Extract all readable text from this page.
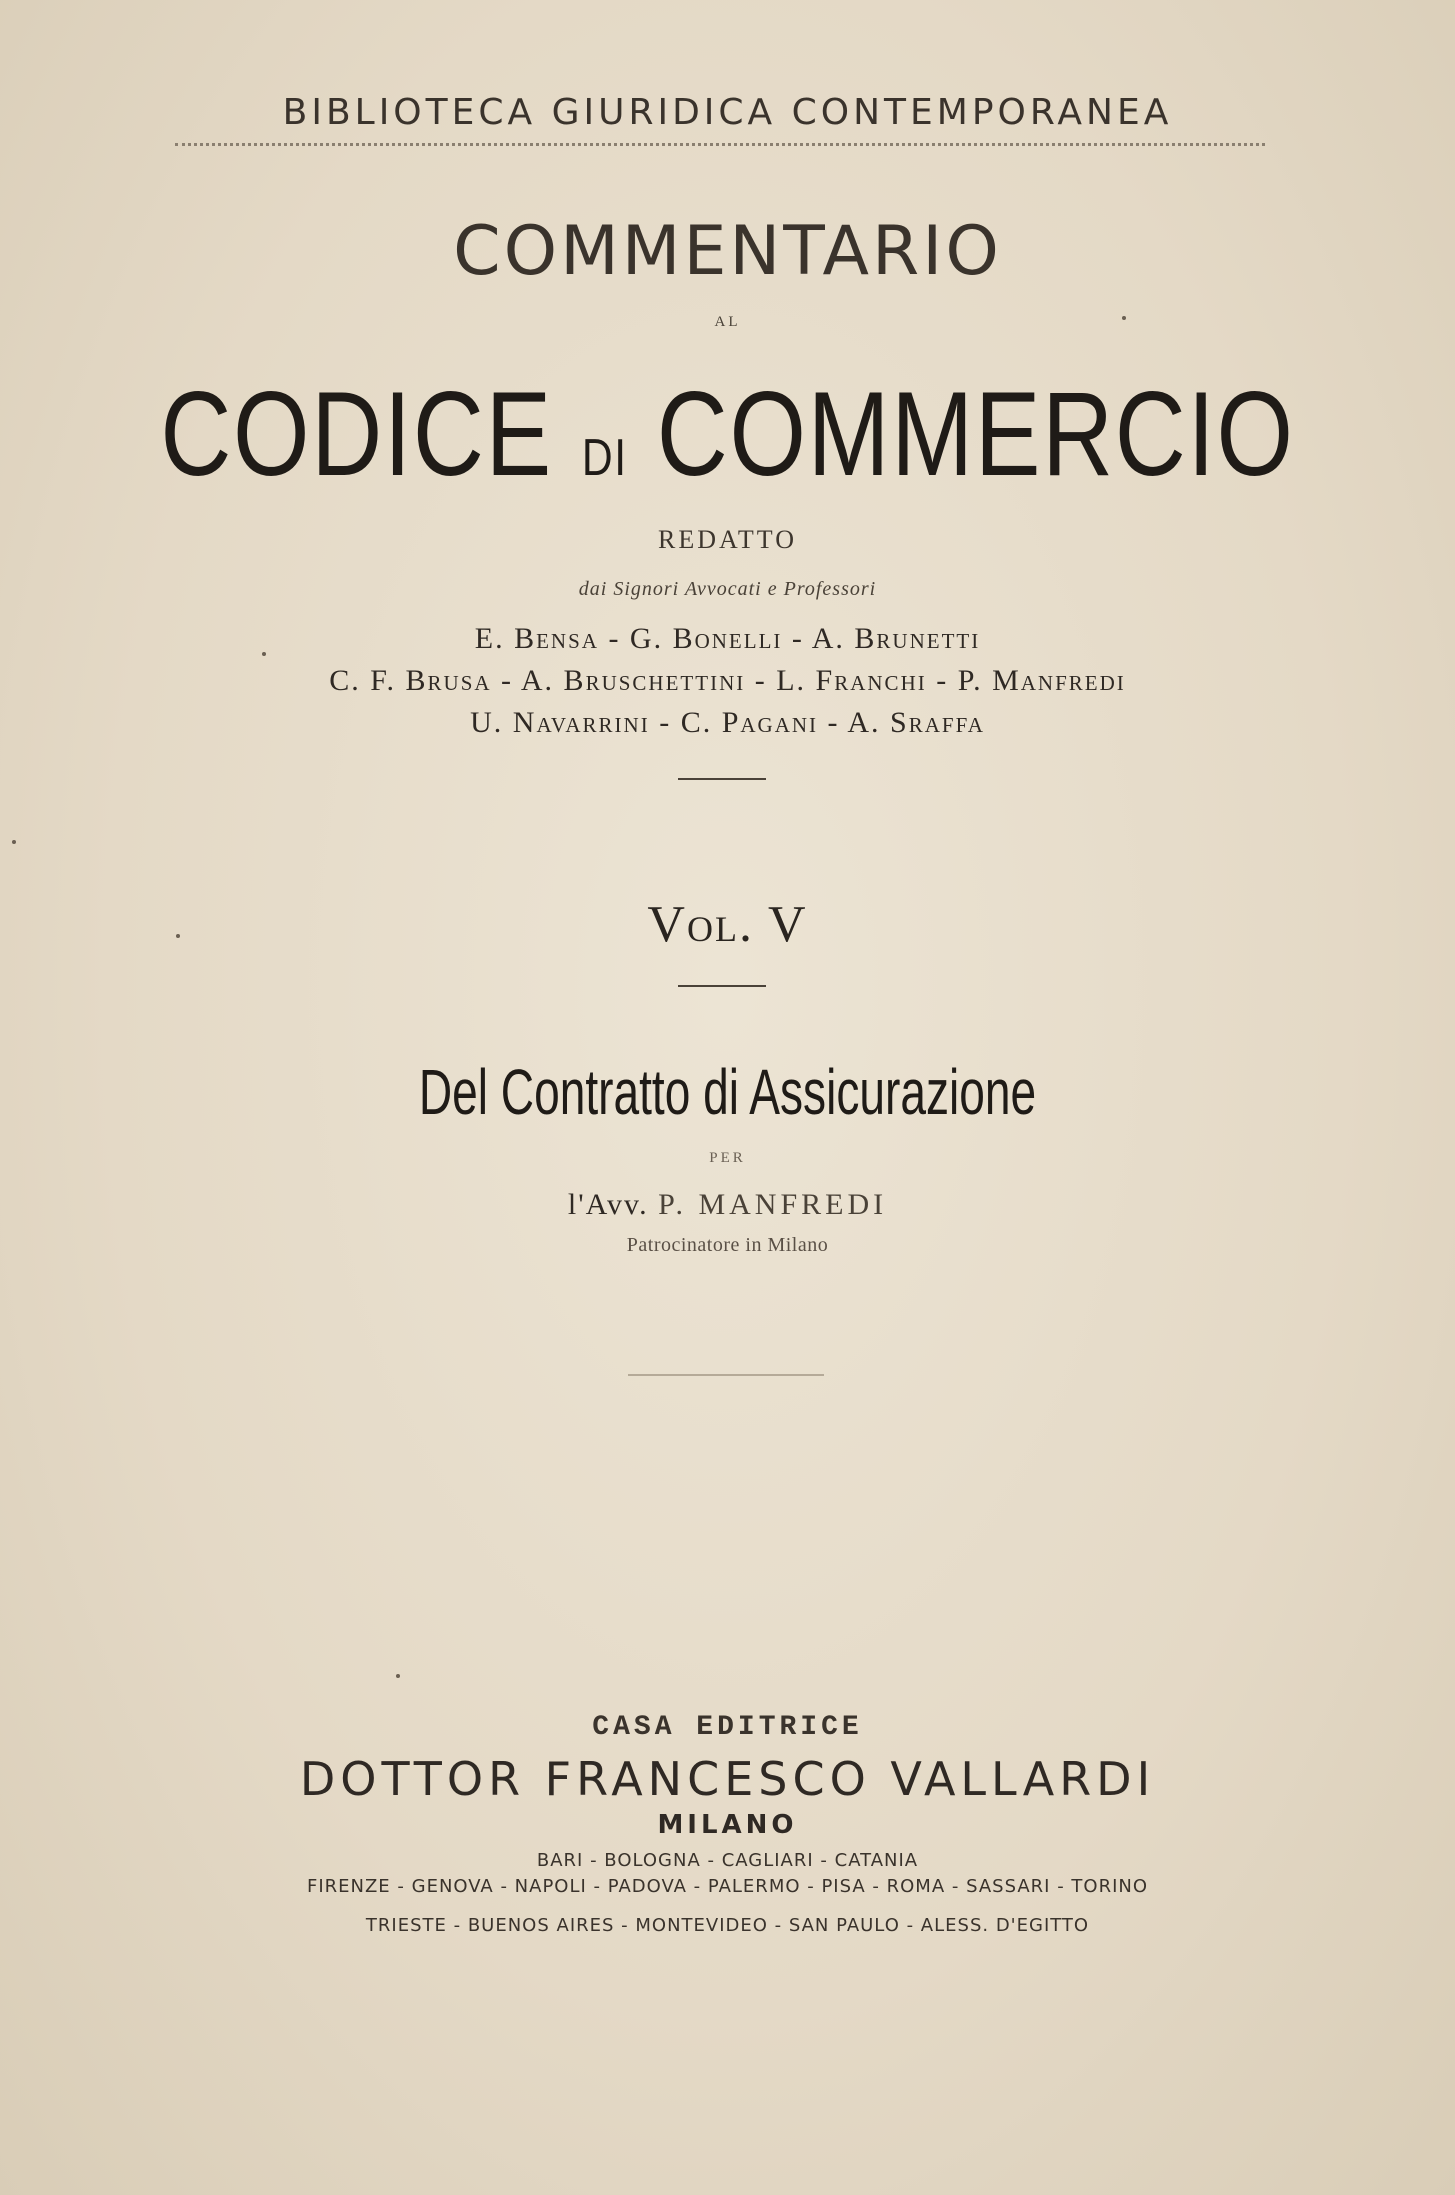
BIBLIOTECA GIURIDICA CONTEMPORANEA
COMMENTARIO
AL
CODICE DI COMMERCIO
REDATTO
dai Signori Avvocati e Professori
E. Bensa - G. Bonelli - A. Brunetti
C. F. Brusa - A. Bruschettini - L. Franchi - P. Manfredi
U. Navarrini - C. Pagani - A. Sraffa
Vol. V
Del Contratto di Assicurazione
PER
l'Avv. P. MANFREDI
Patrocinatore in Milano
CASA EDITRICE
DOTTOR FRANCESCO VALLARDI
MILANO
BARI - BOLOGNA - CAGLIARI - CATANIA
FIRENZE - GENOVA - NAPOLI - PADOVA - PALERMO - PISA - ROMA - SASSARI - TORINO
TRIESTE - BUENOS AIRES - MONTEVIDEO - SAN PAULO - ALESS. D'EGITTO
